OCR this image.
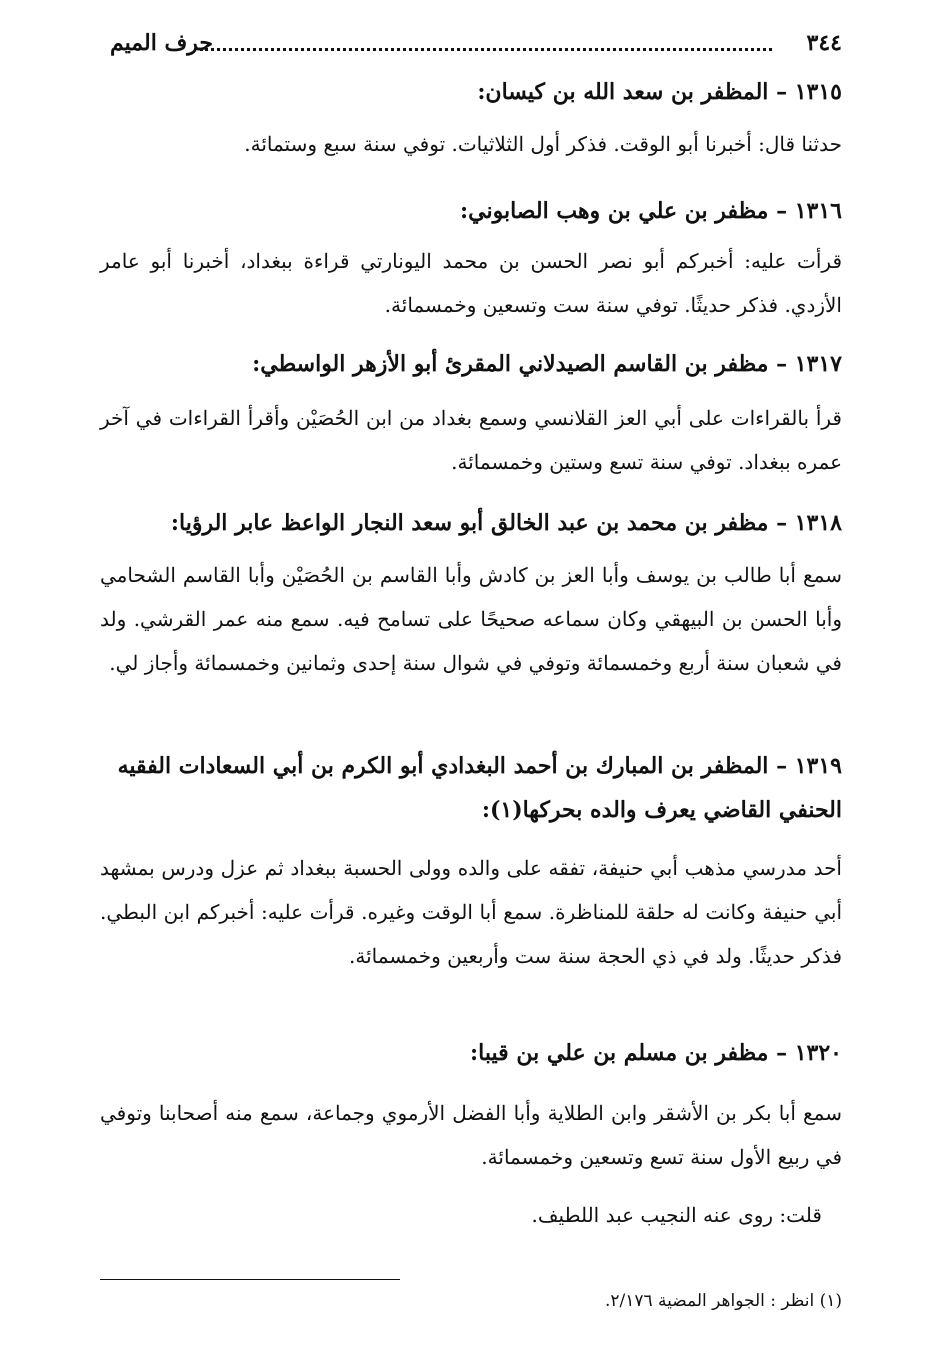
٣٤٤
حرف الميم

١٣١٥ – المظفر بن سعد الله بن كيسان:

حدثنا قال: أخبرنا أبو الوقت. فذكر أول الثلاثيات. توفي سنة سبع وستمائة.

١٣١٦ – مظفر بن علي بن وهب الصابوني:

قرأت عليه: أخبركم أبو نصر الحسن بن محمد اليونارتي قراءة ببغداد، أخبرنا أبو عامر الأزدي. فذكر حديثًا. توفي سنة ست وتسعين وخمسمائة.

١٣١٧ – مظفر بن القاسم الصيدلاني المقرئ أبو الأزهر الواسطي:

قرأ بالقراءات على أبي العز القلانسي وسمع بغداد من ابن الحُصَيْن وأقرأ القراءات في آخر عمره ببغداد. توفي سنة تسع وستين وخمسمائة.

١٣١٨ – مظفر بن محمد بن عبد الخالق أبو سعد النجار الواعظ عابر الرؤيا:

سمع أبا طالب بن يوسف وأبا العز بن كادش وأبا القاسم بن الحُصَيْن وأبا القاسم الشحامي وأبا الحسن بن البيهقي وكان سماعه صحيحًا على تسامح فيه. سمع منه عمر القرشي. ولد في شعبان سنة أربع وخمسمائة وتوفي في شوال سنة إحدى وثمانين وخمسمائة وأجاز لي.

١٣١٩ – المظفر بن المبارك بن أحمد البغدادي أبو الكرم بن أبي السعادات الفقيه الحنفي القاضي يعرف والده بحركها(١):

أحد مدرسي مذهب أبي حنيفة، تفقه على والده وولى الحسبة ببغداد ثم عزل ودرس بمشهد أبي حنيفة وكانت له حلقة للمناظرة. سمع أبا الوقت وغيره. قرأت عليه: أخبركم ابن البطي. فذكر حديثًا. ولد في ذي الحجة سنة ست وأربعين وخمسمائة.

١٣٢٠ – مظفر بن مسلم بن علي بن قيبا:

سمع أبا بكر بن الأشقر وابن الطلاية وأبا الفضل الأرموي وجماعة، سمع منه أصحابنا وتوفي في ربيع الأول سنة تسع وتسعين وخمسمائة.

قلت: روى عنه النجيب عبد اللطيف.

(١) انظر : الجواهر المضية ٢/١٧٦.
